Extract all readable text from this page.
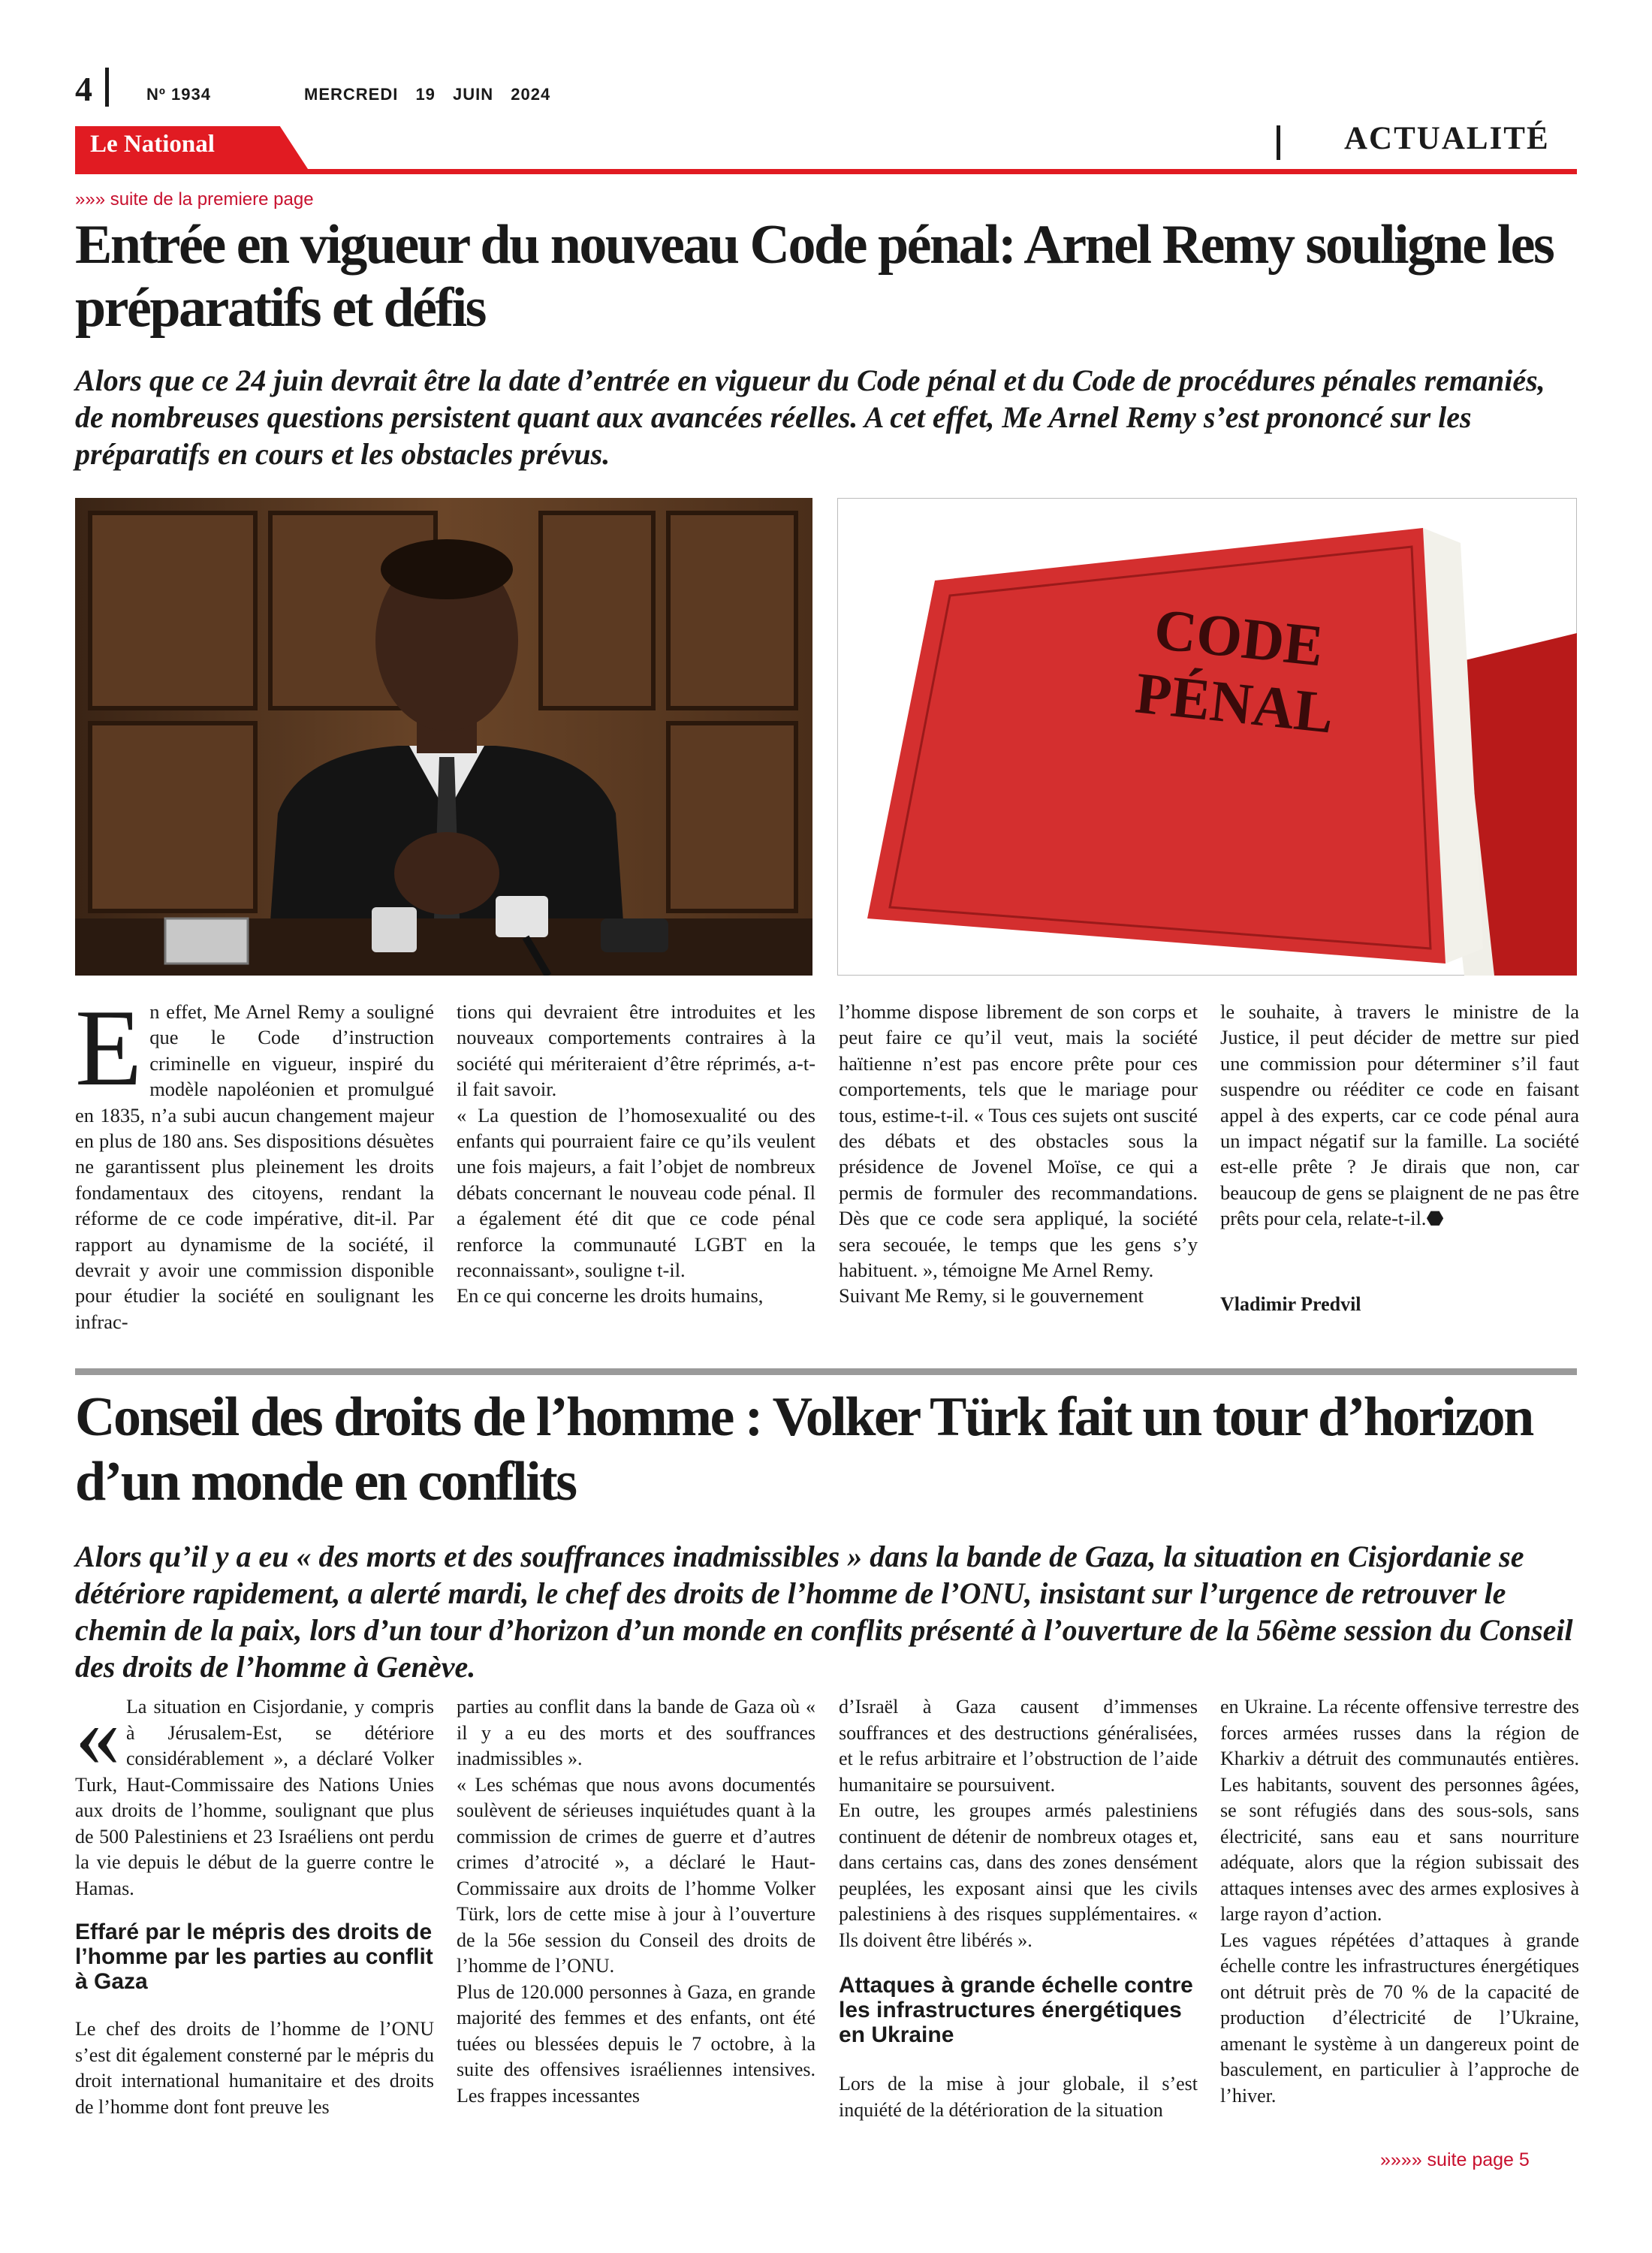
4	Nº 1934	MERCREDI 19 JUIN 2024
Le National	ACTUALITÉ
»»» suite de la premiere page
Entrée en vigueur du nouveau Code pénal: Arnel Remy souligne les préparatifs et défis
Alors que ce 24 juin devrait être la date d’entrée en vigueur du Code pénal et du Code de procédures pénales remaniés, de nombreuses questions persistent quant aux avancées réelles. A cet effet, Me Arnel Remy s’est prononcé sur les préparatifs en cours et les obstacles prévus.
CODE
PÉNAL
E n effet, Me Arnel Remy a souligné que le Code d’instruction criminelle en vigueur, inspiré du modèle napoléonien et promulgué en 1835, n’a subi aucun changement majeur en plus de 180 ans. Ses dispositions désuètes ne garantissent plus pleinement les droits fondamentaux des citoyens, rendant la réforme de ce code impérative, dit-il. Par rapport au dynamisme de la société, il devrait y avoir une commission disponible pour étudier la société en soulignant les infrac-

tions qui devraient être introduites et les nouveaux comportements contraires à la société qui mériteraient d’être réprimés, a-t-il fait savoir.

« La question de l’homosexualité ou des enfants qui pourraient faire ce qu’ils veulent une fois majeurs, a fait l’objet de nombreux débats concernant le nouveau code pénal. Il a également été dit que ce code pénal renforce la communauté LGBT en la reconnaissant», souligne t-il.

En ce qui concerne les droits humains,

l’homme dispose librement de son corps et peut faire ce qu’il veut, mais la société haïtienne n’est pas encore prête pour ces comportements, tels que le mariage pour tous, estime-t-il. « Tous ces sujets ont suscité des débats et des obstacles sous la présidence de Jovenel Moïse, ce qui a permis de formuler des recommandations. Dès que ce code sera appliqué, la société sera secouée, le temps que les gens s’y habituent. », témoigne Me Arnel Remy.

Suivant Me Remy, si le gouvernement

le souhaite, à travers le ministre de la Justice, il peut décider de mettre sur pied une commission pour déterminer s’il faut suspendre ou rééditer ce code en faisant appel à des experts, car ce code pénal aura un impact négatif sur la famille. La société est-elle prête ? Je dirais que non, car beaucoup de gens se plaignent de ne pas être prêts pour cela, relate-t-il.⬣

Vladimir Predvil
Conseil des droits de l’homme : Volker Türk fait un tour d’horizon d’un monde en conflits
Alors qu’il y a eu « des morts et des souffrances inadmissibles » dans la bande de Gaza, la situation en Cisjordanie se détériore rapidement, a alerté mardi, le chef des droits de l’homme de l’ONU, insistant sur l’urgence de retrouver le chemin de la paix, lors d’un tour d’horizon d’un monde en conflits présenté à l’ouverture de la 56ème session du Conseil des droits de l’homme à Genève.
« La situation en Cisjordanie, y compris à Jérusalem-Est, se détériore considérablement », a déclaré Volker Turk, Haut-Commissaire des Nations Unies aux droits de l’homme, soulignant que plus de 500 Palestiniens et 23 Israéliens ont perdu la vie depuis le début de la guerre contre le Hamas.

Effaré par le mépris des droits de l’homme par les parties au conflit à Gaza

Le chef des droits de l’homme de l’ONU s’est dit également consterné par le mépris du droit international humanitaire et des droits de l’homme dont font preuve les

parties au conflit dans la bande de Gaza où « il y a eu des morts et des souffrances inadmissibles ».

« Les schémas que nous avons documentés soulèvent de sérieuses inquiétudes quant à la commission de crimes de guerre et d’autres crimes d’atrocité », a déclaré le Haut-Commissaire aux droits de l’homme Volker Türk, lors de cette mise à jour à l’ouverture de la 56e session du Conseil des droits de l’homme de l’ONU.

Plus de 120.000 personnes à Gaza, en grande majorité des femmes et des enfants, ont été tuées ou blessées depuis le 7 octobre, à la suite des offensives israéliennes intensives. Les frappes incessantes

d’Israël à Gaza causent d’immenses souffrances et des destructions généralisées, et le refus arbitraire et l’obstruction de l’aide humanitaire se poursuivent.

En outre, les groupes armés palestiniens continuent de détenir de nombreux otages et, dans certains cas, dans des zones densément peuplées, les exposant ainsi que les civils palestiniens à des risques supplémentaires. « Ils doivent être libérés ».

Attaques à grande échelle contre les infrastructures énergétiques en Ukraine

Lors de la mise à jour globale, il s’est inquiété de la détérioration de la situation

en Ukraine. La récente offensive terrestre des forces armées russes dans la région de Kharkiv a détruit des communautés entières. Les habitants, souvent des personnes âgées, se sont réfugiés dans des sous-sols, sans électricité, sans eau et sans nourriture adéquate, alors que la région subissait des attaques intenses avec des armes explosives à large rayon d’action.

Les vagues répétées d’attaques à grande échelle contre les infrastructures énergétiques ont détruit près de 70 % de la capacité de production d’électricité de l’Ukraine, amenant le système à un dangereux point de basculement, en particulier à l’approche de l’hiver.

»»»» suite page 5
